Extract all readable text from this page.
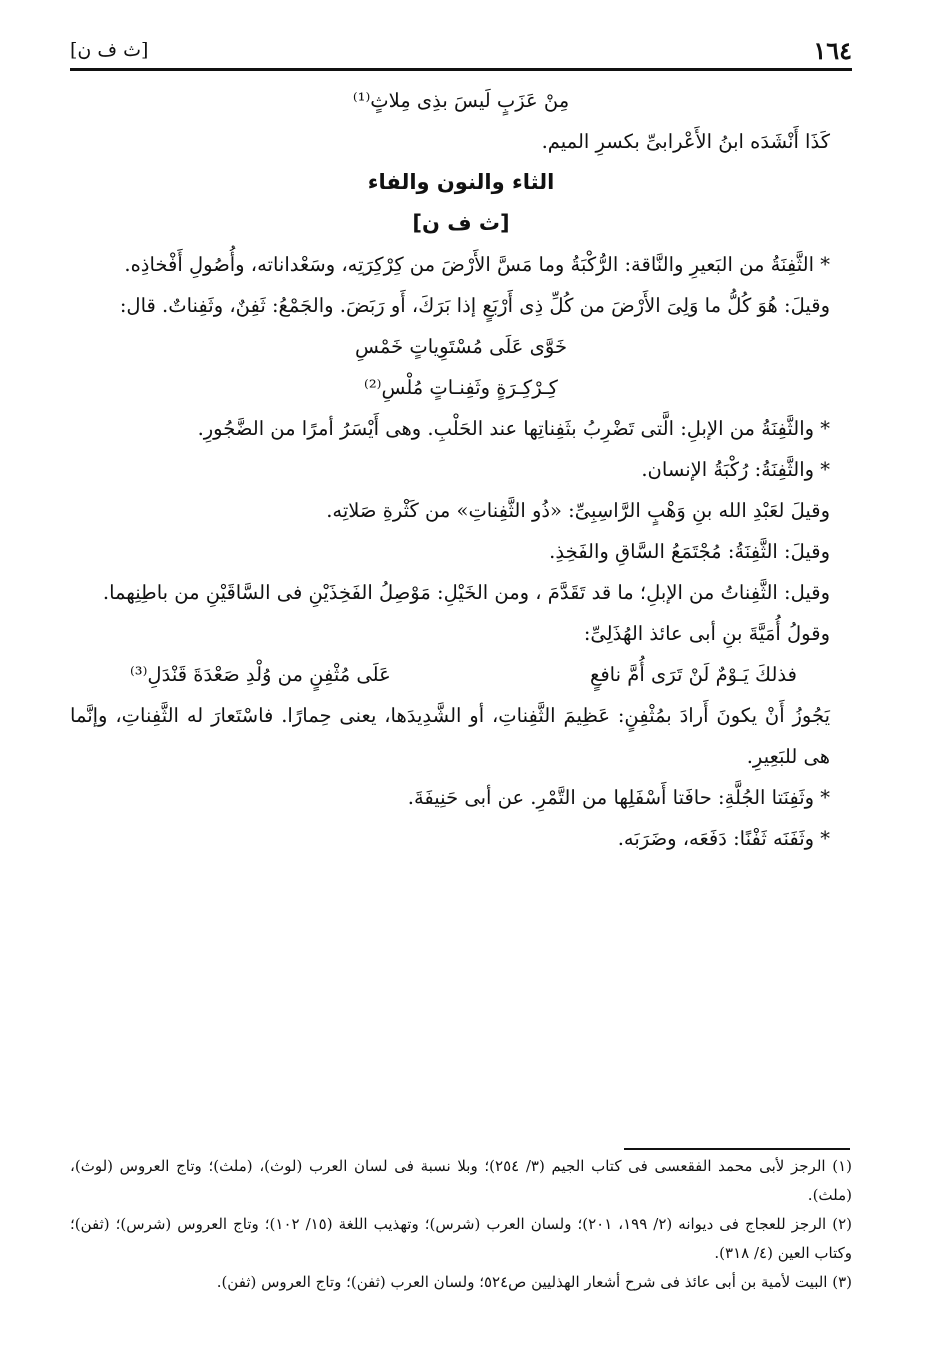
[ث ف ن]	١٦٤

مِنْ عَزَبٍ لَيسَ بذِى مِلاثٍ⁽¹⁾

كَذَا أَنْشَدَه ابنُ الأَعْرابىِّ بكسرِ الميم.

الثاء والنون والفاء

[ث ف ن]

* الثَّفِنَةُ من البَعيرِ والنَّاقة: الرُّكْبَةُ وما مَسَّ الأَرْضَ من كِرْكِرَتِه، وسَعْداناته، وأُصُولِ أَفْخاذِه.

وقيلَ: هُوَ كُلُّ ما وَلِىَ الأَرْضَ من كُلِّ ذِى أَرْبَعٍ إذا بَرَكَ، أَو رَبَضَ. والجَمْعُ: ثَفِنٌ، وثَفِناتٌ. قال:

خَوَّى عَلَى مُسْتَوِياتٍ خَمْسِ

كِـرْكِـرَةٍ وثَفِنـاتٍ مُلْسِ⁽²⁾

* والثَّفِنَةُ من الإبلِ: الَّتى تَضْرِبُ بثَفِناتِها عند الحَلْبِ. وهى أَيْسَرُ أمرًا من الضَّجُورِ.

* والثَّفِنَةُ: رُكْبَةُ الإنسان.

وقيلَ لعَبْدِ الله بنِ وَهْبٍ الرَّاسِبِىِّ: «ذُو الثَّفِناتِ» من كَثْرةِ صَلاتِه.

وقيلَ: الثَّفِنَةُ: مُجْتَمَعُ السَّاقِ والفَخِذِ.

وقيل: الثَّفِناتُ من الإبلِ؛ ما قد تَقَدَّمَ ، ومن الخَيْلِ: مَوْصِلُ الفَخِذَيْنِ فى السَّاقَيْنِ من باطِنِهما.

وقولُ أُمَيَّةَ بنِ أبى عائذ الهُذَلِىِّ:

فذلكَ يَـوْمٌ لَنْ تَرَى أُمَّ نافعٍ
عَلَى مُثْفِنٍ من وُلْدِ صَعْدَةَ قَنْدَلِ⁽³⁾

يَجُوزُ أَنْ يكونَ أَرادَ بمُثْفِنٍ: عَظِيمَ الثَّفِناتِ، أو الشَّدِيدَها، يعنى حِمارًا. فاسْتَعارَ له الثَّفِناتِ، وإنَّما هى للبَعِيرِ.

* وثَفِنَتا الجُلَّةِ: حافَتا أَسْفَلِها من التَّمْرِ. عن أبى حَنِيفَةَ.

* وثَفَنَه ثَفْنًا: دَفَعَه، وضَرَبَه.

(١) الرجز لأبى محمد الفقعسى فى كتاب الجيم (٣/ ٢٥٤)؛ وبلا نسبة فى لسان العرب (لوث)، (ملث)؛ وتاج العروس (لوث)، (ملث).

(٢) الرجز للعجاج فى ديوانه (٢/ ١٩٩، ٢٠١)؛ ولسان العرب (شرس)؛ وتهذيب اللغة (١٥/ ١٠٢)؛ وتاج العروس (شرس)؛ (ثفن)؛ وكتاب العين (٤/ ٣١٨).

(٣) البيت لأمية بن أبى عائذ فى شرح أشعار الهذليين ص٥٢٤؛ ولسان العرب (ثفن)؛ وتاج العروس (ثفن).
